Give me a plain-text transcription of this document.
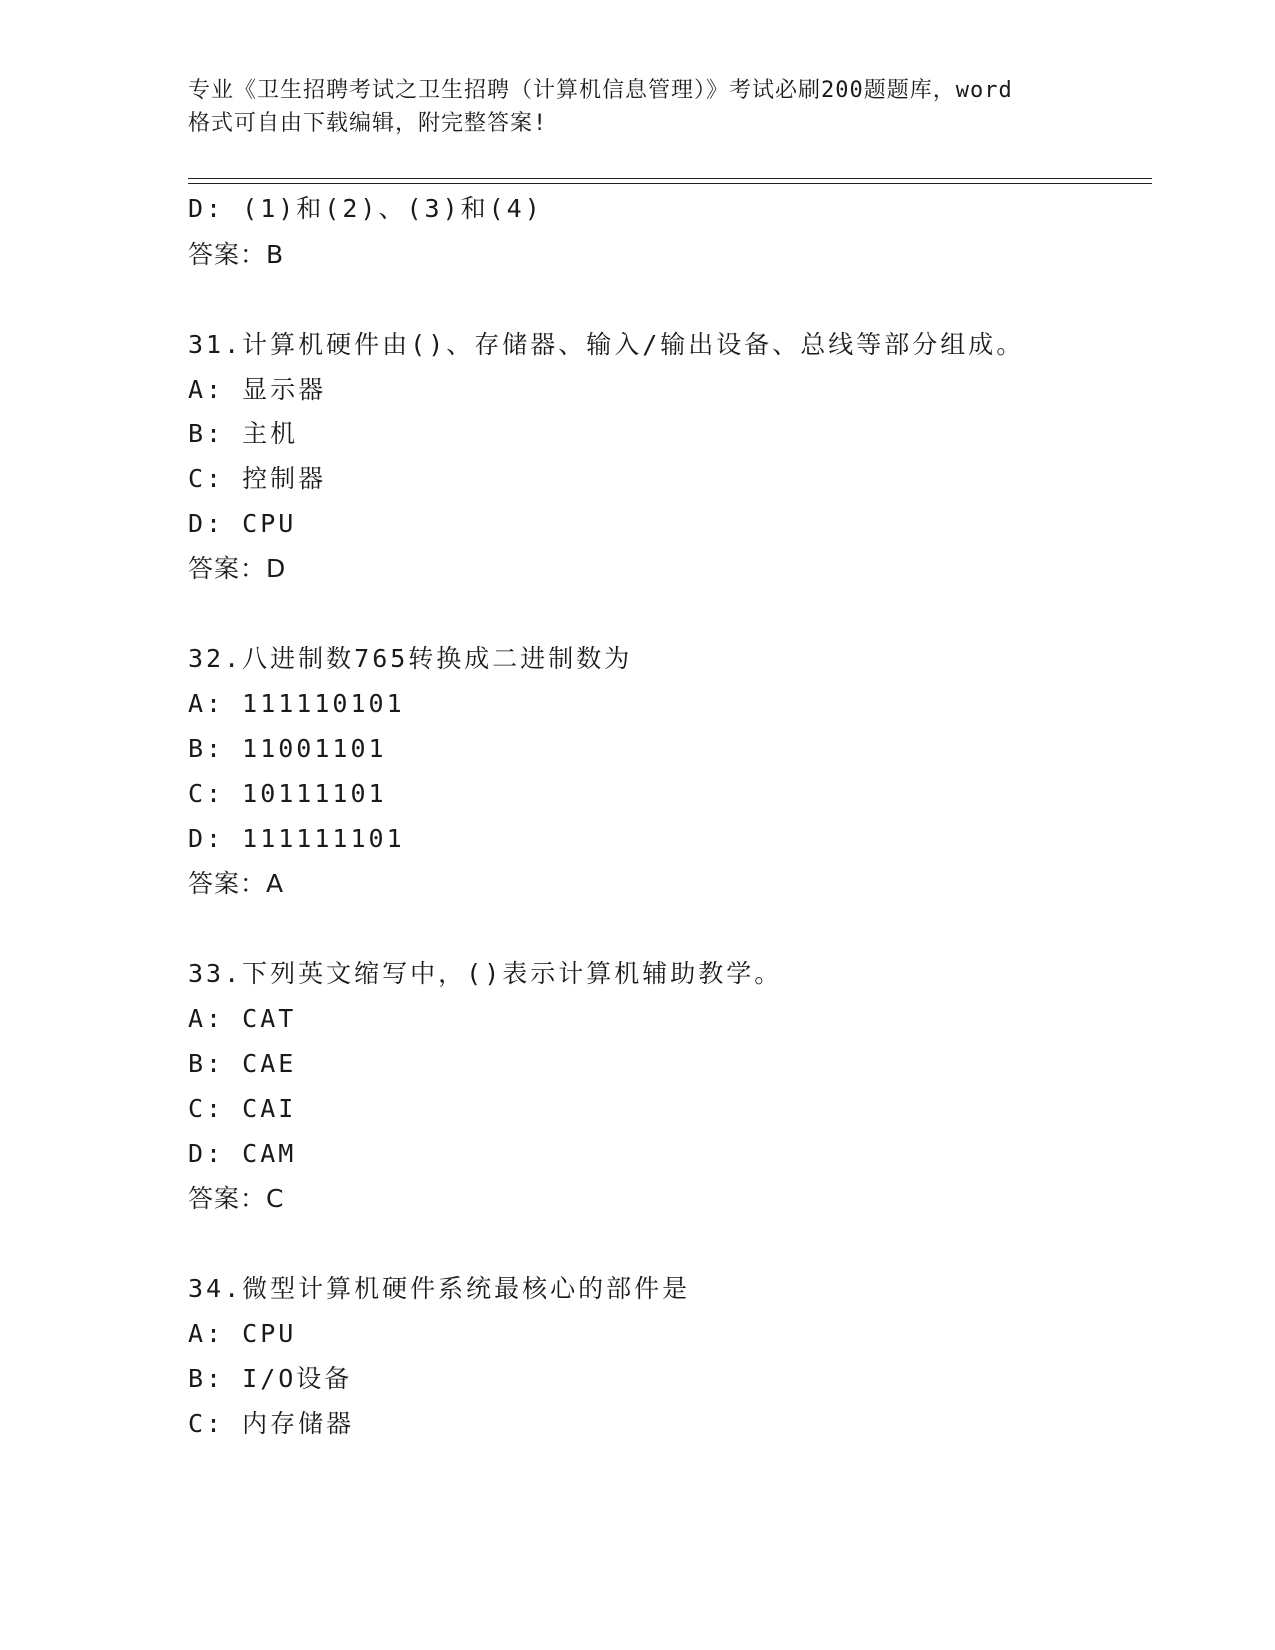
专业《卫生招聘考试之卫生招聘（计算机信息管理）》考试必刷200题题库，word
格式可自由下载编辑，附完整答案!
D: (1)和(2)、(3)和(4)
答案：B
31.计算机硬件由()、存储器、输入/输出设备、总线等部分组成。
A: 显示器
B: 主机
C: 控制器
D: CPU
答案：D
32.八进制数765转换成二进制数为
A: 111110101
B: 11001101
C: 10111101
D: 111111101
答案：A
33.下列英文缩写中，()表示计算机辅助教学。
A: CAT
B: CAE
C: CAI
D: CAM
答案：C
34.微型计算机硬件系统最核心的部件是
A: CPU
B: I/O设备
C: 内存储器
